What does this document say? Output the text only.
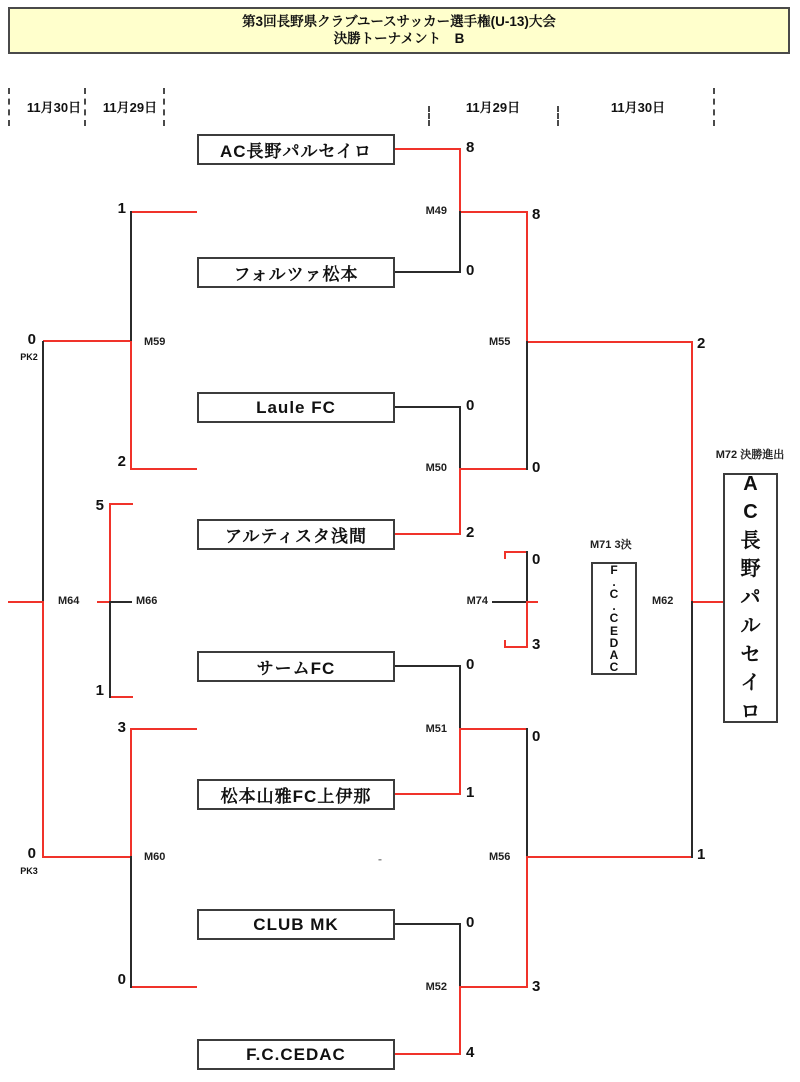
第3回長野県クラブユースサッカー選手権(U-13)大会
決勝トーナメント　B
11月30日	11月29日	11月29日	11月30日
AC長野パルセイロ
フォルツァ松本
Laule FC
アルティスタ浅間
サームFC
松本山雅FC上伊那
CLUB MK
F.C.CEDAC
8
0
0
2
0
1
0
4
8
0
0
3
2
1
0
3
1
2
0
PK2
3
0
0
PK3
5
1
M49
M50
M51
M52
M55
M56
M62
M74
M59
M60
M64	M66
M71 3決
F
.
C
.
C
E
D
A
C
M72 決勝進出
A
C
長
野
パ
ル
セ
イ
ロ
-
